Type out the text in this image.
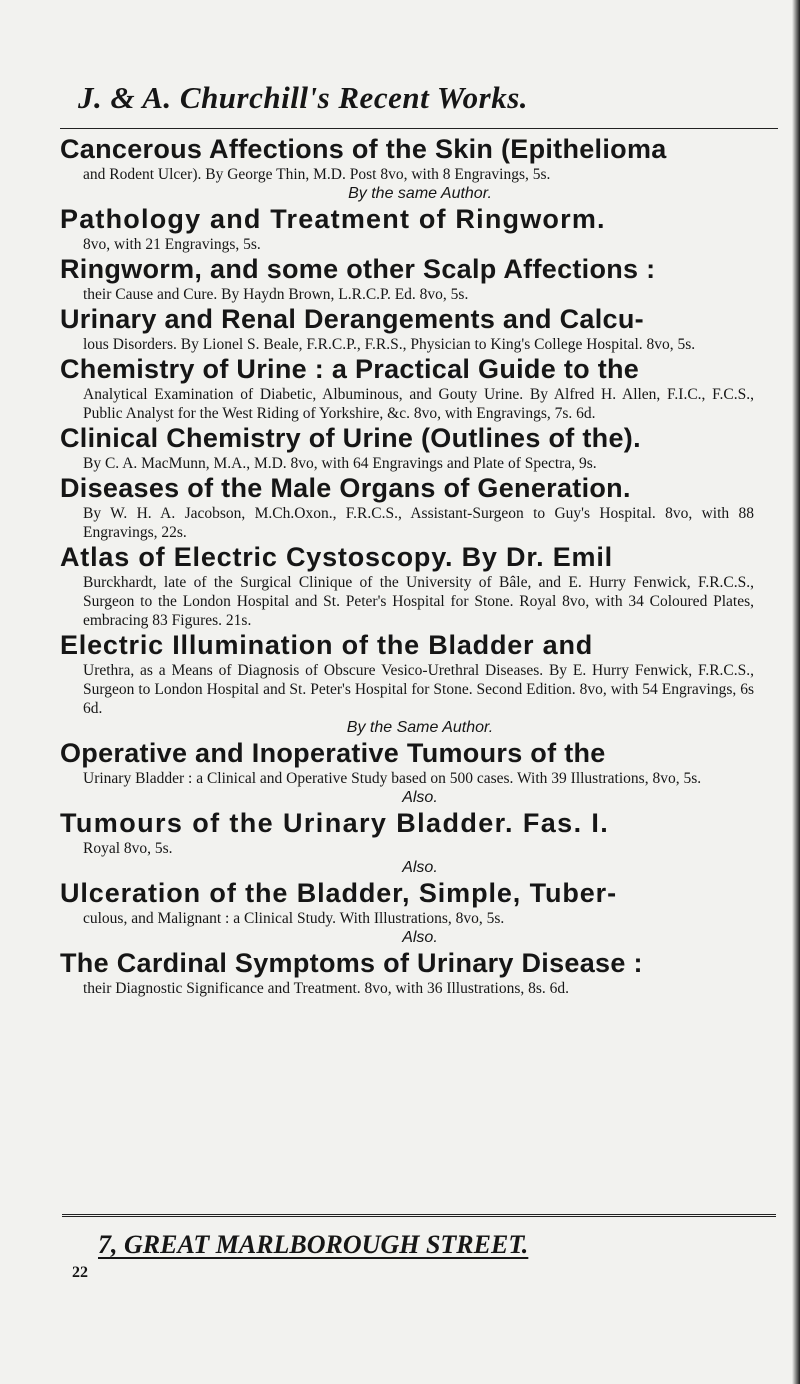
J. & A. Churchill's Recent Works.
Cancerous Affections of the Skin (Epithelioma
and Rodent Ulcer). By George Thin, M.D. Post 8vo, with 8 Engravings, 5s.
By the same Author.
Pathology and Treatment of Ringworm.
8vo, with 21 Engravings, 5s.
Ringworm, and some other Scalp Affections :
their Cause and Cure. By Haydn Brown, L.R.C.P. Ed. 8vo, 5s.
Urinary and Renal Derangements and Calcu-
lous Disorders. By Lionel S. Beale, F.R.C.P., F.R.S., Physician to King's College Hospital. 8vo, 5s.
Chemistry of Urine : a Practical Guide to the
Analytical Examination of Diabetic, Albuminous, and Gouty Urine. By Alfred H. Allen, F.I.C., F.C.S., Public Analyst for the West Riding of Yorkshire, &c. 8vo, with Engravings, 7s. 6d.
Clinical Chemistry of Urine (Outlines of the).
By C. A. MacMunn, M.A., M.D. 8vo, with 64 Engravings and Plate of Spectra, 9s.
Diseases of the Male Organs of Generation.
By W. H. A. Jacobson, M.Ch.Oxon., F.R.C.S., Assistant-Surgeon to Guy's Hospital. 8vo, with 88 Engravings, 22s.
Atlas of Electric Cystoscopy. By Dr. Emil
Burckhardt, late of the Surgical Clinique of the University of Bâle, and E. Hurry Fenwick, F.R.C.S., Surgeon to the London Hospital and St. Peter's Hospital for Stone. Royal 8vo, with 34 Coloured Plates, embracing 83 Figures. 21s.
Electric Illumination of the Bladder and
Urethra, as a Means of Diagnosis of Obscure Vesico-Urethral Diseases. By E. Hurry Fenwick, F.R.C.S., Surgeon to London Hospital and St. Peter's Hospital for Stone. Second Edition. 8vo, with 54 Engravings, 6s 6d.
By the Same Author.
Operative and Inoperative Tumours of the
Urinary Bladder : a Clinical and Operative Study based on 500 cases. With 39 Illustrations, 8vo, 5s.
Also.
Tumours of the Urinary Bladder. Fas. I.
Royal 8vo, 5s.
Also.
Ulceration of the Bladder, Simple, Tuber-
culous, and Malignant : a Clinical Study. With Illustrations, 8vo, 5s.
Also.
The Cardinal Symptoms of Urinary Disease :
their Diagnostic Significance and Treatment. 8vo, with 36 Illustrations, 8s. 6d.
7, GREAT MARLBOROUGH STREET.
22
